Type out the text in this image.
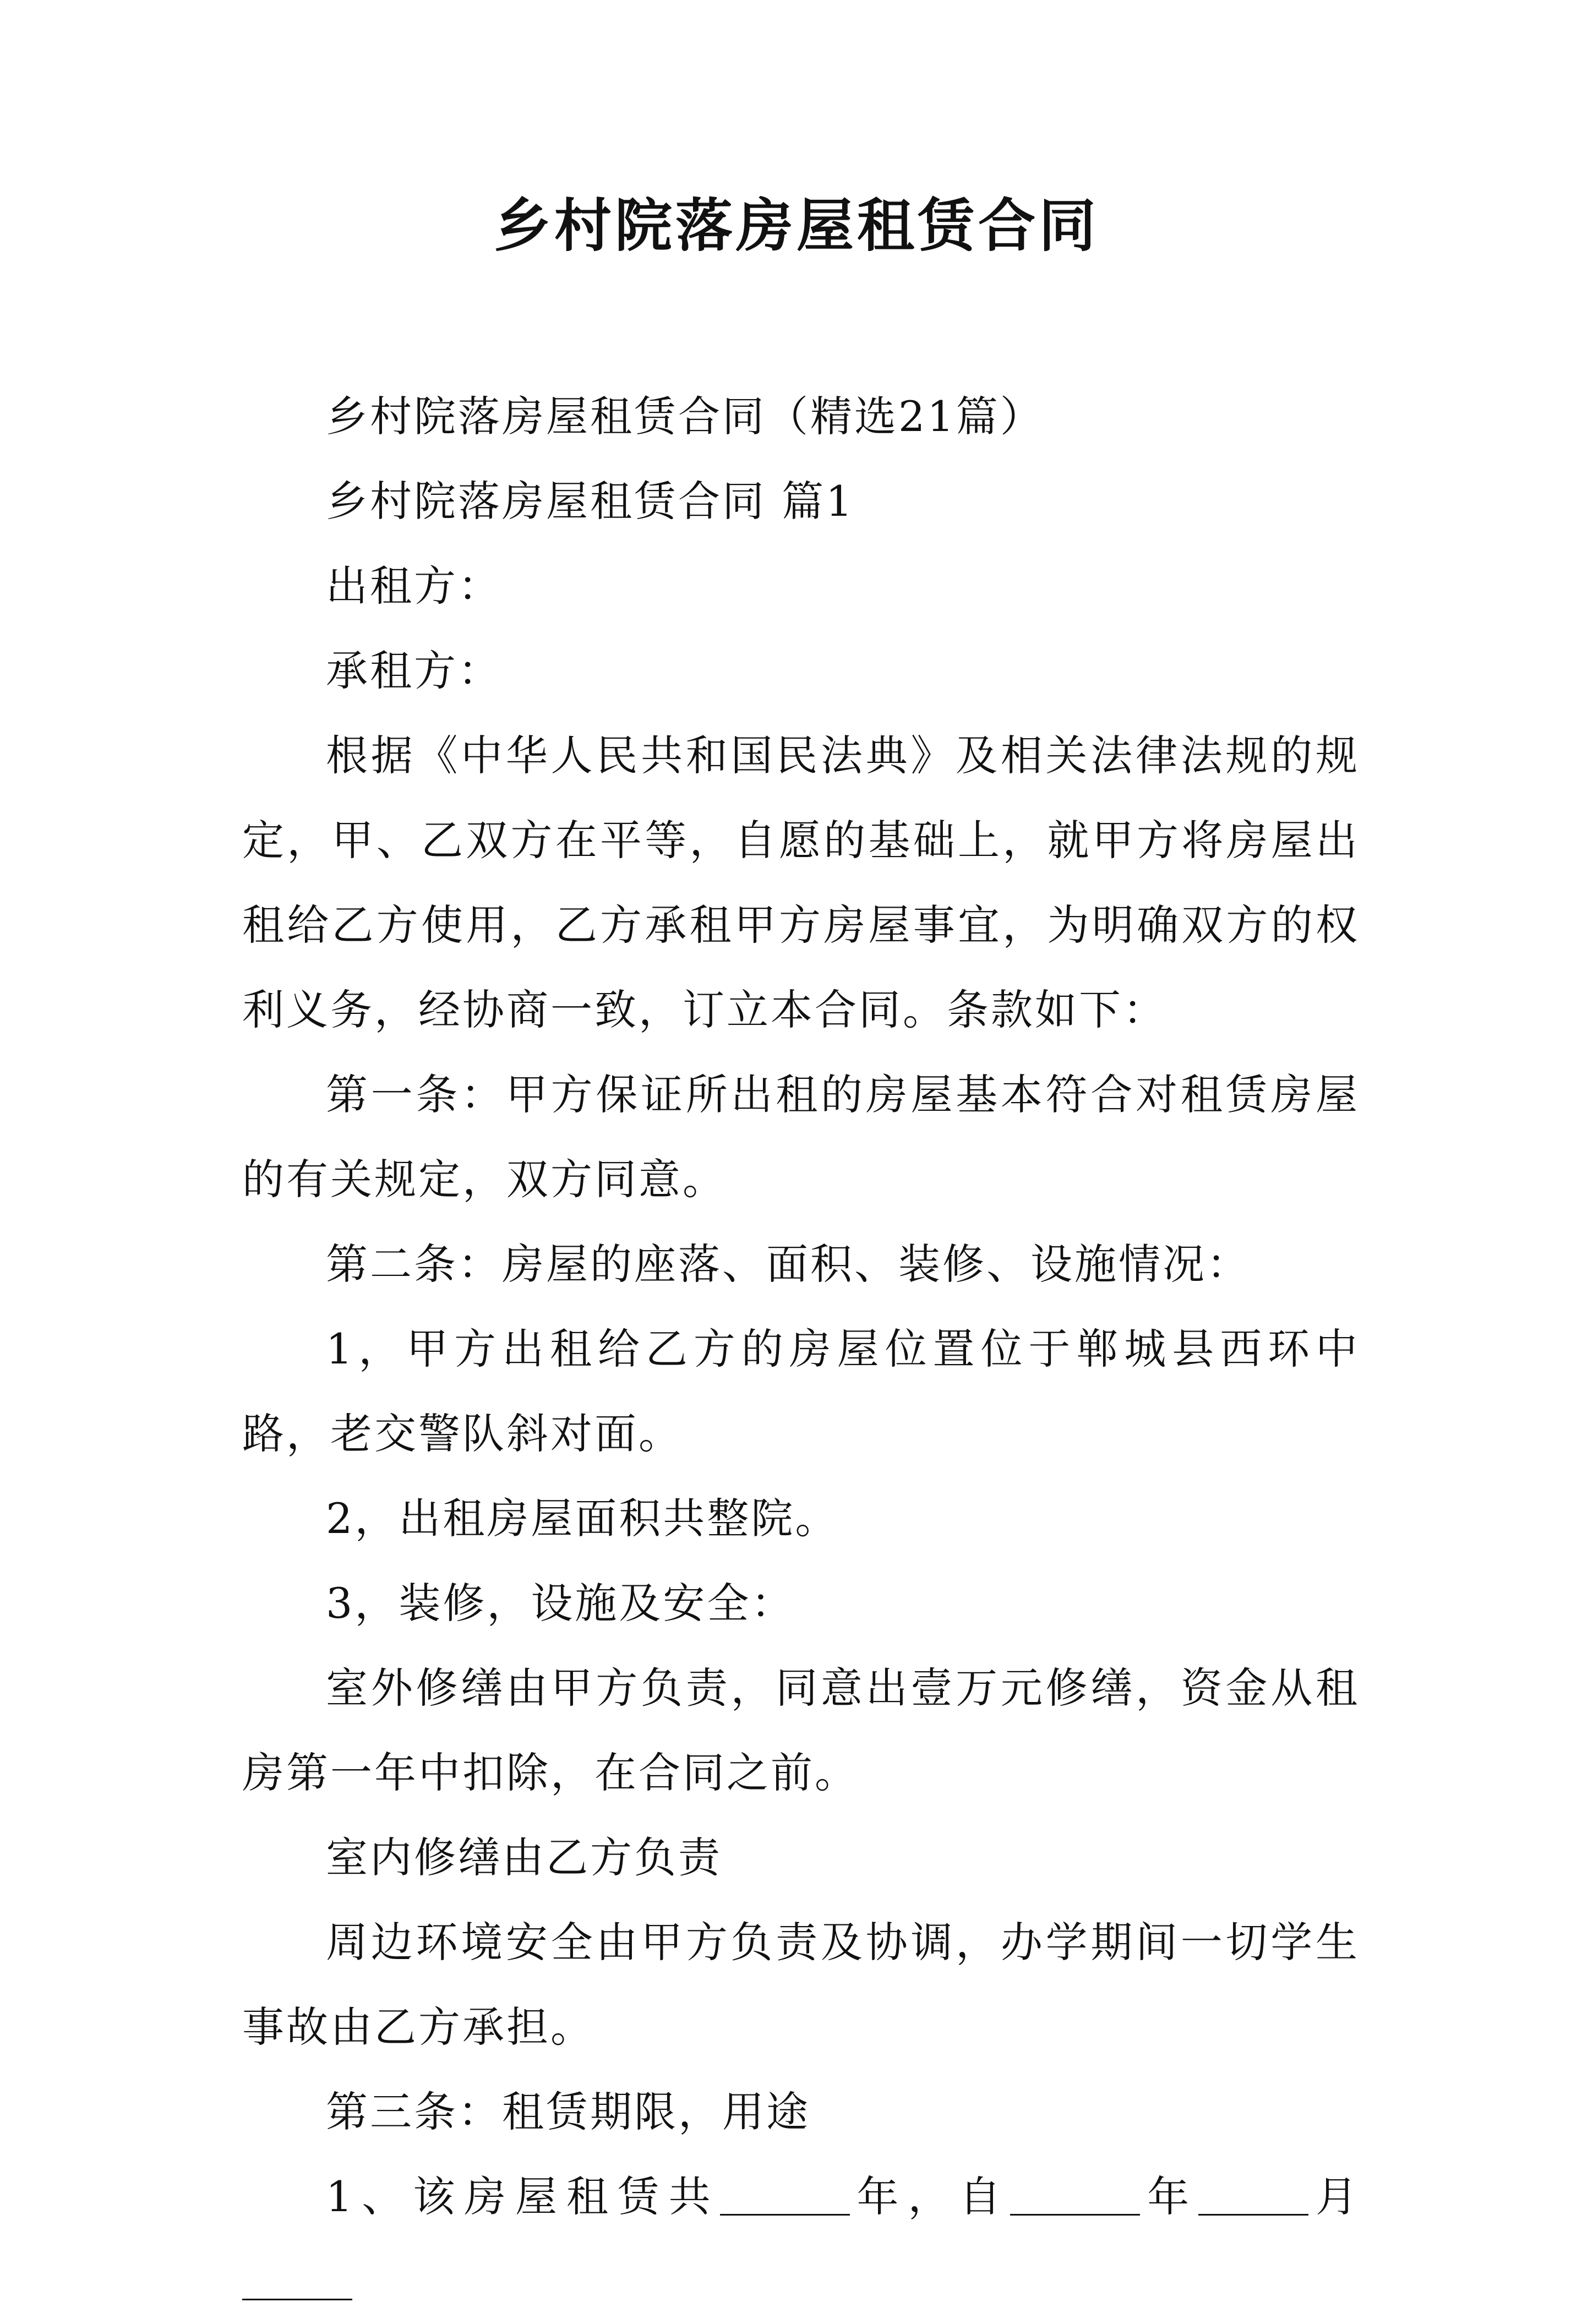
乡村院落房屋租赁合同

乡村院落房屋租赁合同（精选21篇）

乡村院落房屋租赁合同 篇1

出租方：

承租方：

根据《中华人民共和国民法典》及相关法律法规的规定，甲、乙双方在平等，自愿的基础上，就甲方将房屋出租给乙方使用，乙方承租甲方房屋事宜，为明确双方的权利义务，经协商一致，订立本合同。条款如下：

第一条：甲方保证所出租的房屋基本符合对租赁房屋的有关规定，双方同意。

第二条：房屋的座落、面积、装修、设施情况：

1，甲方出租给乙方的房屋位置位于郸城县西环中路，老交警队斜对面。

2，出租房屋面积共整院。

3，装修，设施及安全：

室外修缮由甲方负责，同意出壹万元修缮，资金从租房第一年中扣除，在合同之前。

室内修缮由乙方负责

周边环境安全由甲方负责及协调，办学期间一切学生事故由乙方承担。

第三条：租赁期限，用途

1、该房屋租赁共	年，自	年	月
